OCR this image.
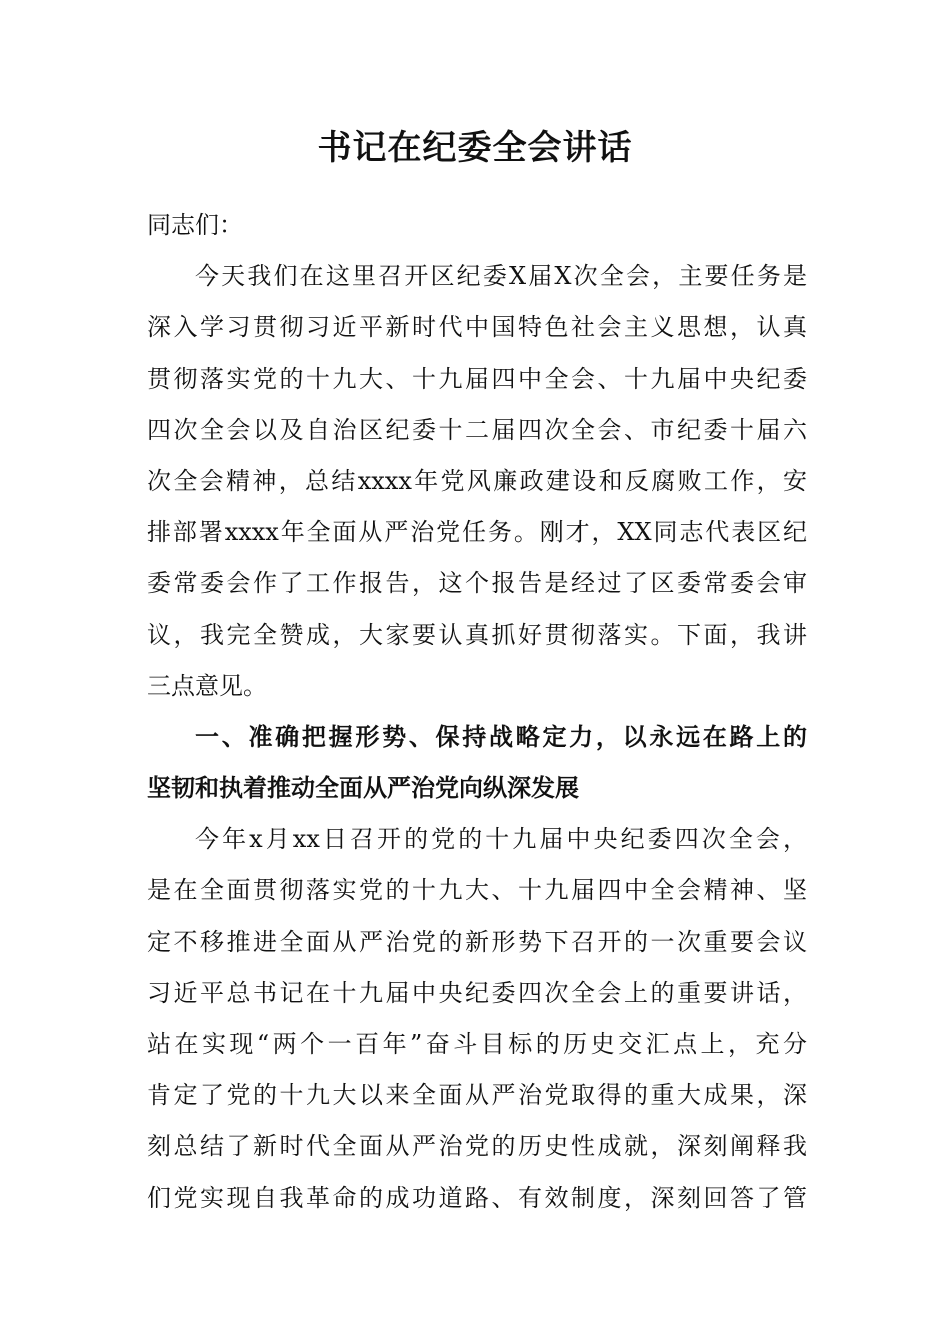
书记在纪委全会讲话
同志们：
今天我们在这里召开区纪委X届X次全会，主要任务是
深入学习贯彻习近平新时代中国特色社会主义思想，认真
贯彻落实党的十九大、十九届四中全会、十九届中央纪委
四次全会以及自治区纪委十二届四次全会、市纪委十届六
次全会精神，总结xxxx年党风廉政建设和反腐败工作，安
排部署xxxx年全面从严治党任务。刚才，XX同志代表区纪
委常委会作了工作报告，这个报告是经过了区委常委会审
议，我完全赞成，大家要认真抓好贯彻落实。下面，我讲
三点意见。
一、准确把握形势、保持战略定力，以永远在路上的
坚韧和执着推动全面从严治党向纵深发展
今年x月xx日召开的党的十九届中央纪委四次全会，
是在全面贯彻落实党的十九大、十九届四中全会精神、坚
定不移推进全面从严治党的新形势下召开的一次重要会议
习近平总书记在十九届中央纪委四次全会上的重要讲话，
站在实现“两个一百年”奋斗目标的历史交汇点上，充分
肯定了党的十九大以来全面从严治党取得的重大成果，深
刻总结了新时代全面从严治党的历史性成就，深刻阐释我
们党实现自我革命的成功道路、有效制度，深刻回答了管
